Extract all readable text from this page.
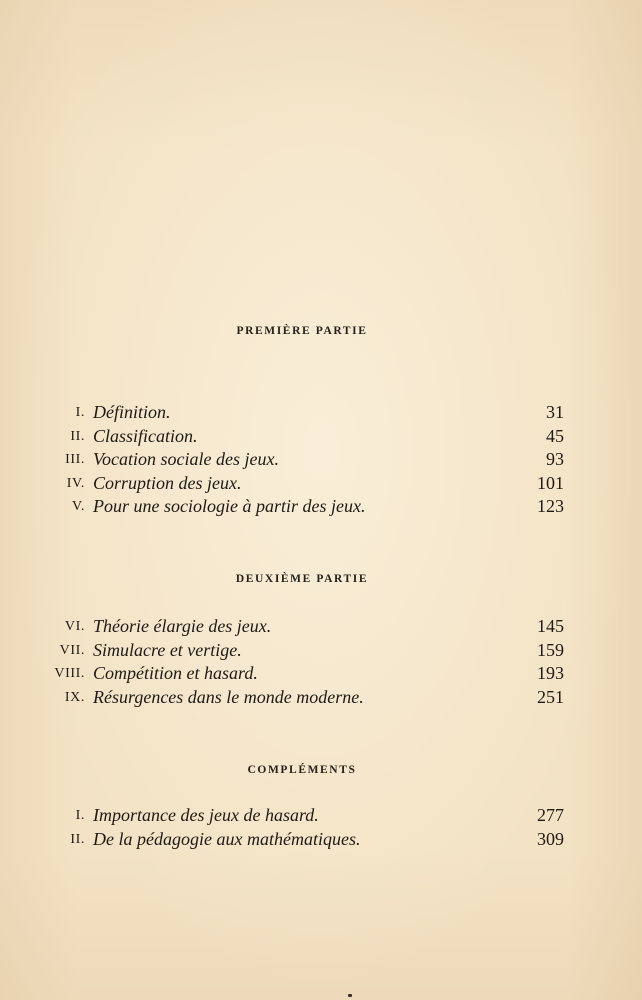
PREMIÈRE PARTIE
I. Définition.	31
II. Classification.	45
III. Vocation sociale des jeux.	93
IV. Corruption des jeux.	101
V. Pour une sociologie à partir des jeux.	123
DEUXIÈME PARTIE
VI. Théorie élargie des jeux.	145
VII. Simulacre et vertige.	159
VIII. Compétition et hasard.	193
IX. Résurgences dans le monde moderne.	251
COMPLÉMENTS
I. Importance des jeux de hasard.	277
II. De la pédagogie aux mathématiques.	309
